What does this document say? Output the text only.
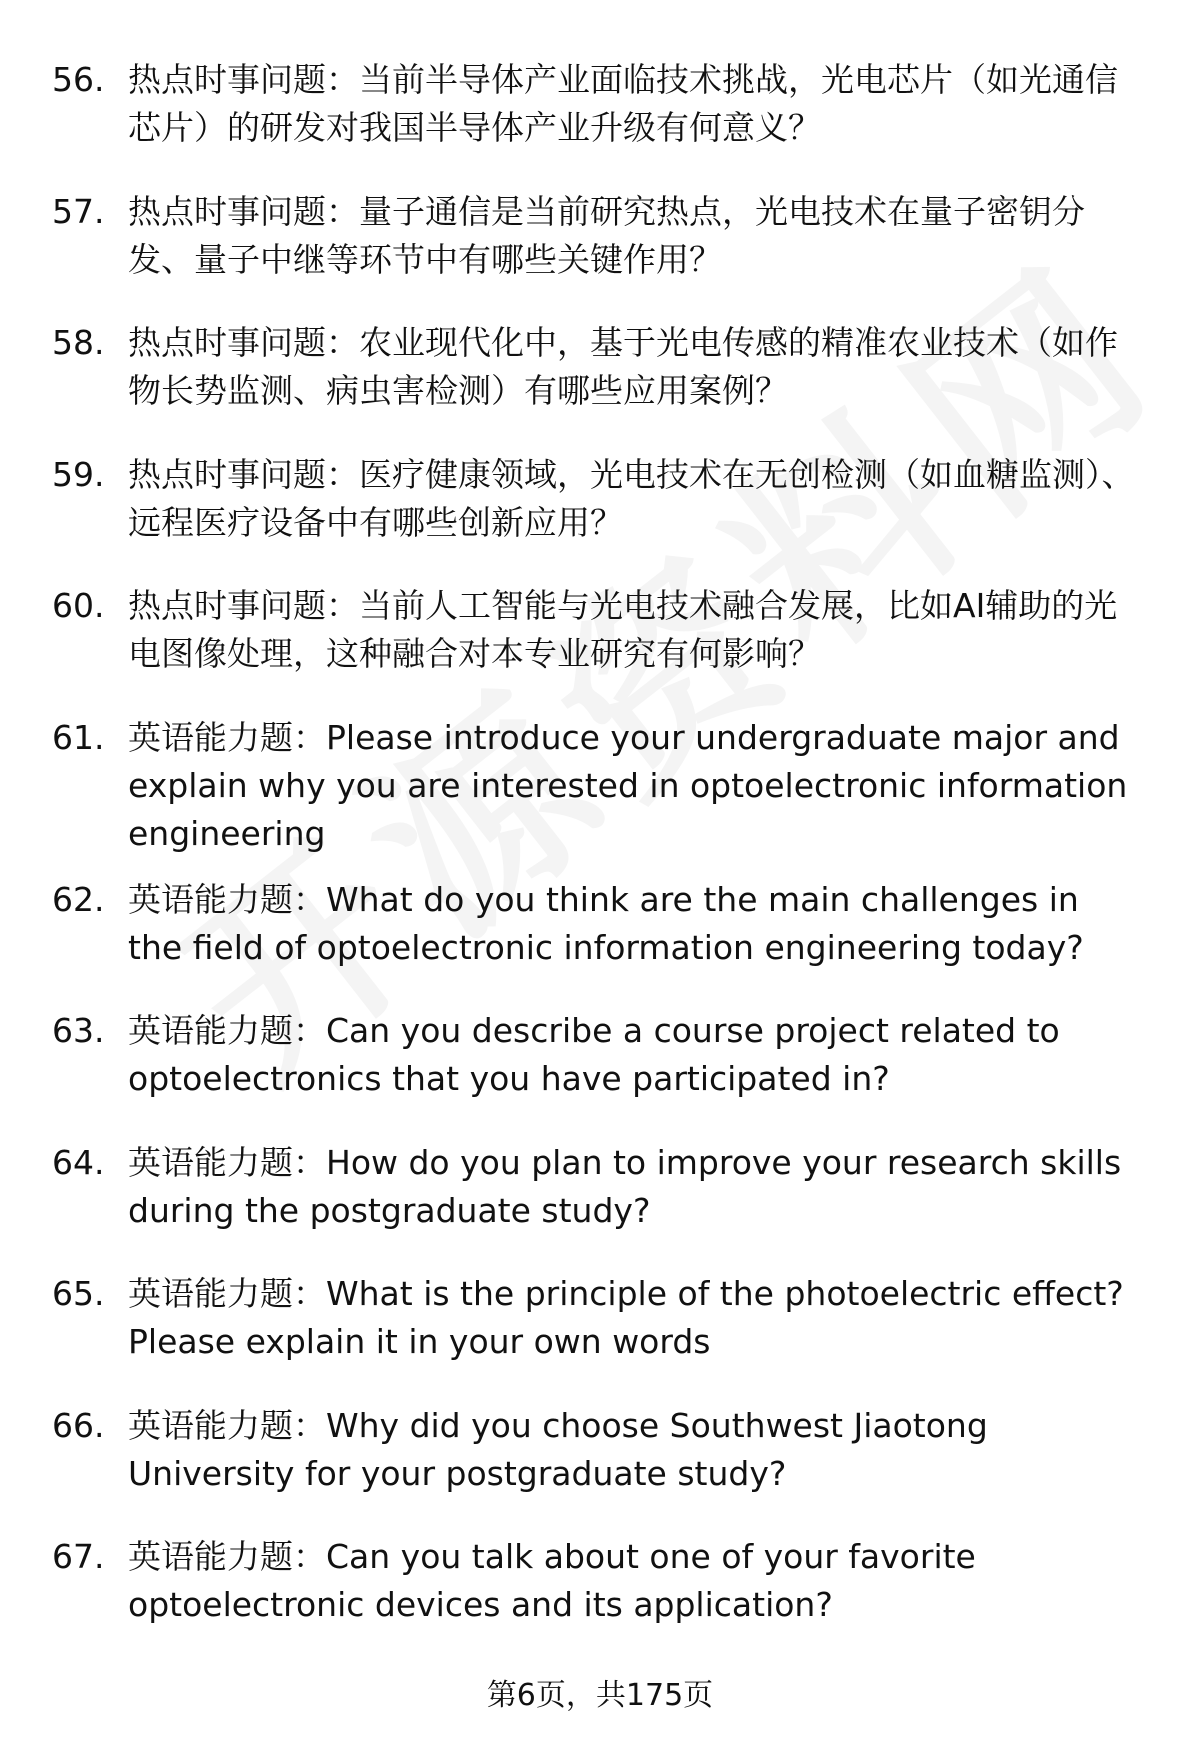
56. 热点时事问题：当前半导体产业面临技术挑战，光电芯片（如光通信芯片）的研发对我国半导体产业升级有何意义？
57. 热点时事问题：量子通信是当前研究热点，光电技术在量子密钥分发、量子中继等环节中有哪些关键作用？
58. 热点时事问题：农业现代化中，基于光电传感的精准农业技术（如作物长势监测、病虫害检测）有哪些应用案例？
59. 热点时事问题：医疗健康领域，光电技术在无创检测（如血糖监测）、远程医疗设备中有哪些创新应用？
60. 热点时事问题：当前人工智能与光电技术融合发展，比如AI辅助的光电图像处理，这种融合对本专业研究有何影响？
61. 英语能力题：Please introduce your undergraduate major and explain why you are interested in optoelectronic information engineering
62. 英语能力题：What do you think are the main challenges in the field of optoelectronic information engineering today?
63. 英语能力题：Can you describe a course project related to optoelectronics that you have participated in?
64. 英语能力题：How do you plan to improve your research skills during the postgraduate study?
65. 英语能力题：What is the principle of the photoelectric effect? Please explain it in your own words
66. 英语能力题：Why did you choose Southwest Jiaotong University for your postgraduate study?
67. 英语能力题：Can you talk about one of your favorite optoelectronic devices and its application?
第6页，共175页
